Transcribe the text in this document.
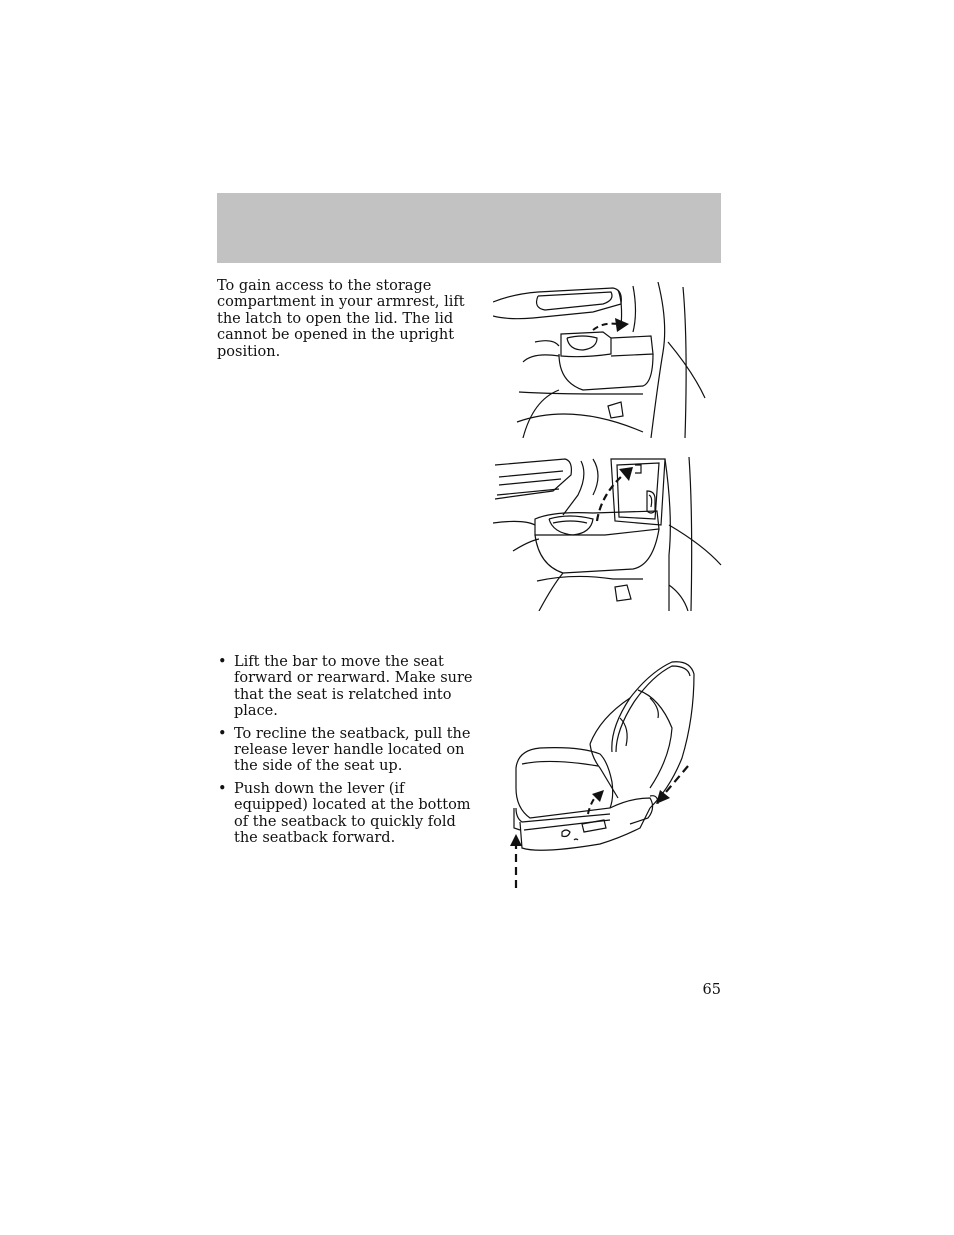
To gain access to the storage compartment in your armrest, lift the latch to open the lid. The lid cannot be opened in the upright position.

• Lift the bar to move the seat forward or rearward. Make sure that the seat is relatched into place.
• To recline the seatback, pull the release lever handle located on the side of the seat up.
• Push down the lever (if equipped) located at the bottom of the seatback to quickly fold the seatback forward.
65
